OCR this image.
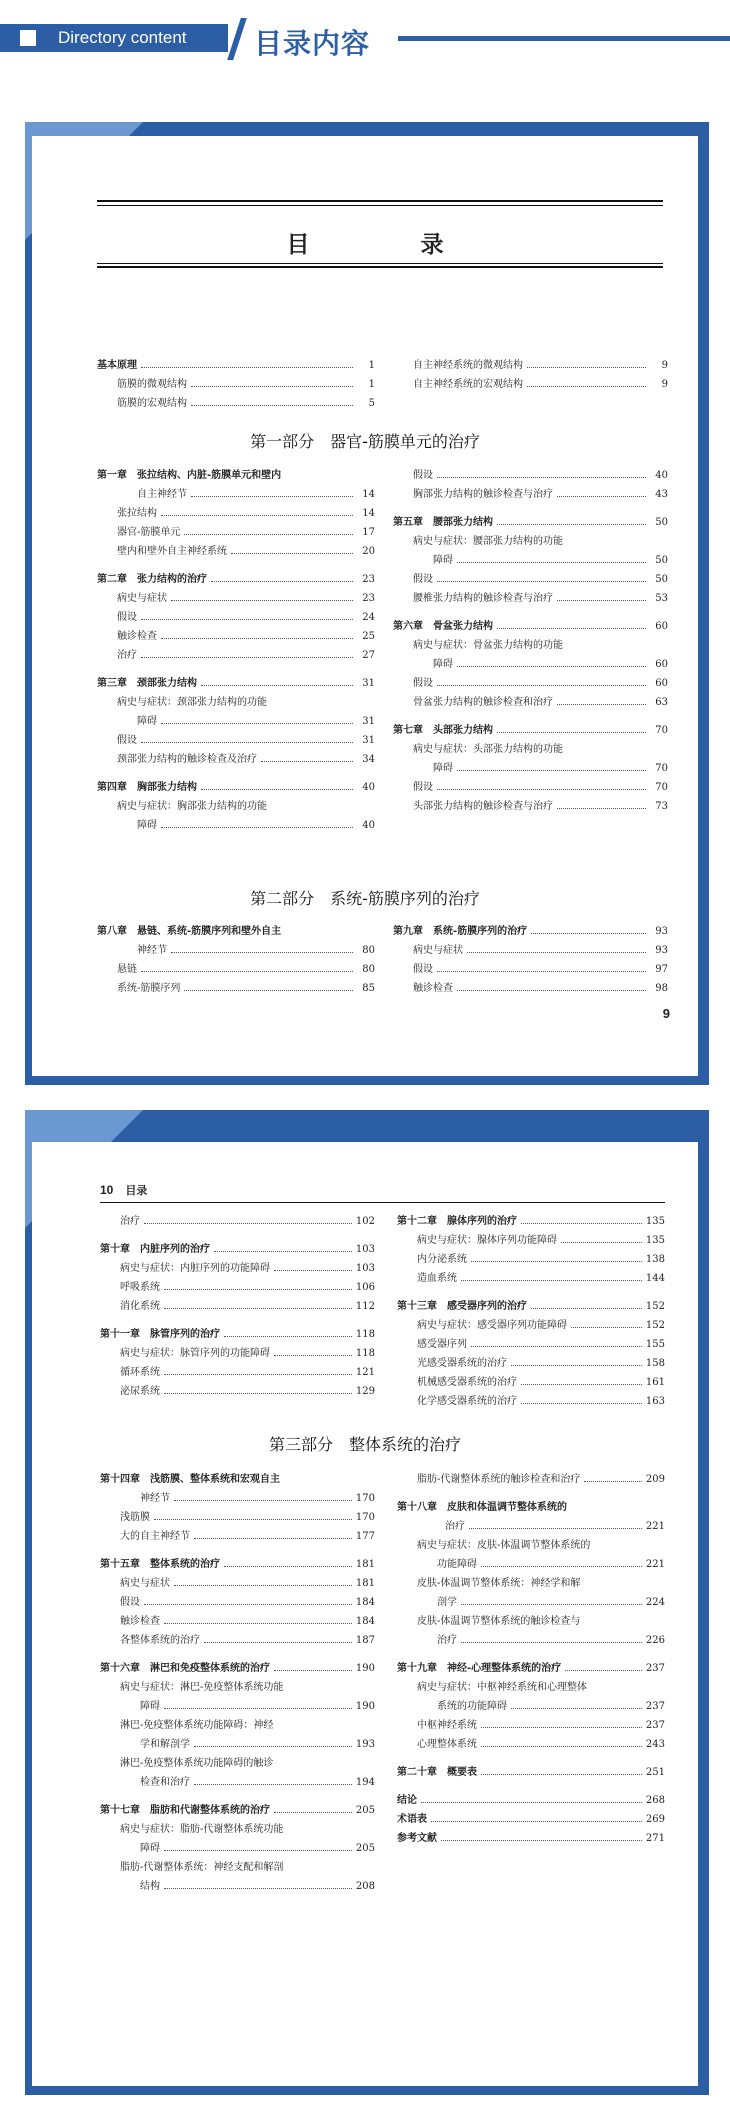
Directory content 目录内容
目　录
基本原理	1
筋膜的微观结构	1
筋膜的宏观结构	5
自主神经系统的微观结构	9
自主神经系统的宏观结构	9
第一部分　器官-筋膜单元的治疗
第一章　张拉结构、内脏-筋膜单元和壁内
自主神经节	14
张拉结构	14
器官-筋膜单元	17
壁内和壁外自主神经系统	20
第二章　张力结构的治疗	23
病史与症状	23
假设	24
触诊检查	25
治疗	27
第三章　颈部张力结构	31
病史与症状：颈部张力结构的功能
障碍	31
假设	31
颈部张力结构的触诊检查及治疗	34
第四章　胸部张力结构	40
病史与症状：胸部张力结构的功能
障碍	40
假设	40
胸部张力结构的触诊检查与治疗	43
第五章　腰部张力结构	50
病史与症状：腰部张力结构的功能
障碍	50
假设	50
腰椎张力结构的触诊检查与治疗	53
第六章　骨盆张力结构	60
病史与症状：骨盆张力结构的功能
障碍	60
假设	60
骨盆张力结构的触诊检查和治疗	63
第七章　头部张力结构	70
病史与症状：头部张力结构的功能
障碍	70
假设	70
头部张力结构的触诊检查与治疗	73
第二部分　系统-筋膜序列的治疗
第八章　悬链、系统-筋膜序列和壁外自主
神经节	80
悬链	80
系统-筋膜序列	85
第九章　系统-筋膜序列的治疗	93
病史与症状	93
假设	97
触诊检查	98
9
10 目录
治疗	102
第十章　内脏序列的治疗	103
病史与症状：内脏序列的功能障碍	103
呼吸系统	106
消化系统	112
第十一章　脉管序列的治疗	118
病史与症状：脉管序列的功能障碍	118
循环系统	121
泌尿系统	129
第十二章　腺体序列的治疗	135
病史与症状：腺体序列功能障碍	135
内分泌系统	138
造血系统	144
第十三章　感受器序列的治疗	152
病史与症状：感受器序列功能障碍	152
感受器序列	155
光感受器系统的治疗	158
机械感受器系统的治疗	161
化学感受器系统的治疗	163
第三部分　整体系统的治疗
第十四章　浅筋膜、整体系统和宏观自主
神经节	170
浅筋膜	170
大的自主神经节	177
第十五章　整体系统的治疗	181
病史与症状	181
假设	184
触诊检查	184
各整体系统的治疗	187
第十六章　淋巴和免疫整体系统的治疗	190
病史与症状：淋巴-免疫整体系统功能
障碍	190
淋巴-免疫整体系统功能障碍：神经
学和解剖学	193
淋巴-免疫整体系统功能障碍的触诊
检查和治疗	194
第十七章　脂肪和代谢整体系统的治疗	205
病史与症状：脂肪-代谢整体系统功能
障碍	205
脂肪-代谢整体系统：神经支配和解剖
结构	208
脂肪-代谢整体系统的触诊检查和治疗	209
第十八章　皮肤和体温调节整体系统的
治疗	221
病史与症状：皮肤-体温调节整体系统的
功能障碍	221
皮肤-体温调节整体系统：神经学和解
剖学	224
皮肤-体温调节整体系统的触诊检查与
治疗	226
第十九章　神经-心理整体系统的治疗	237
病史与症状：中枢神经系统和心理整体
系统的功能障碍	237
中枢神经系统	237
心理整体系统	243
第二十章　概要表	251
结论	268
术语表	269
参考文献	271
